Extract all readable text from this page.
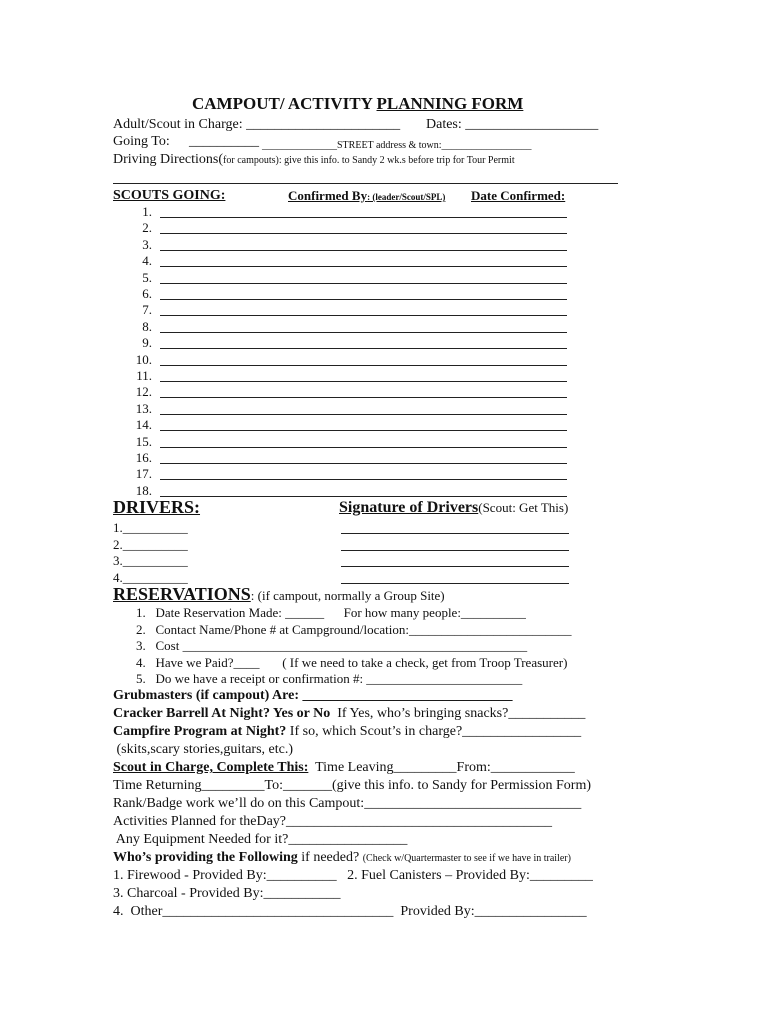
CAMPOUT/ ACTIVITY PLANNING FORM
Adult/Scout in Charge: ______________________ Dates: ___________________
Going To: __________ _______________STREET address & town:__________________
Driving Directions(for campouts): give this info. to Sandy 2 wk.s before trip for Tour Permit
SCOUTS GOING:	Confirmed By: (leader/Scout/SPL) Date Confirmed:
1.
2.
3.
4.
5.
6.
7.
8.
9.
10.
11.
12.
13.
14.
15.
16.
17.
18.
DRIVERS:	Signature of Drivers(Scout: Get This)
1.__________
2.__________
3.__________
4.__________
RESERVATIONS: (if campout, normally a Group Site)
1.   Date Reservation Made: ______      For how many people:__________
2.   Contact Name/Phone # at Campground/location:_________________________
3.   Cost _____________________________________________________
4.   Have we Paid?____       ( If we need to take a check, get from Troop Treasurer)
5.   Do we have a receipt or confirmation #: ________________________
Grubmasters (if campout) Are: ______________________________
Cracker Barrell At Night? Yes or No  If Yes, who’s bringing snacks?___________
Campfire Program at Night? If so, which Scout’s in charge?_________________
(skits,scary stories,guitars, etc.)
Scout in Charge, Complete This:  Time Leaving_________From:____________
Time Returning_________To:_______(give this info. to Sandy for Permission Form)
Rank/Badge work we’ll do on this Campout:_______________________________
Activities Planned for theDay?______________________________________
Any Equipment Needed for it?_________________
Who’s providing the Following if needed? (Check w/Quartermaster to see if we have in trailer)
1. Firewood - Provided By:__________   2. Fuel Canisters – Provided By:_________
3. Charcoal - Provided By:___________
4.  Other_________________________________  Provided By:________________
